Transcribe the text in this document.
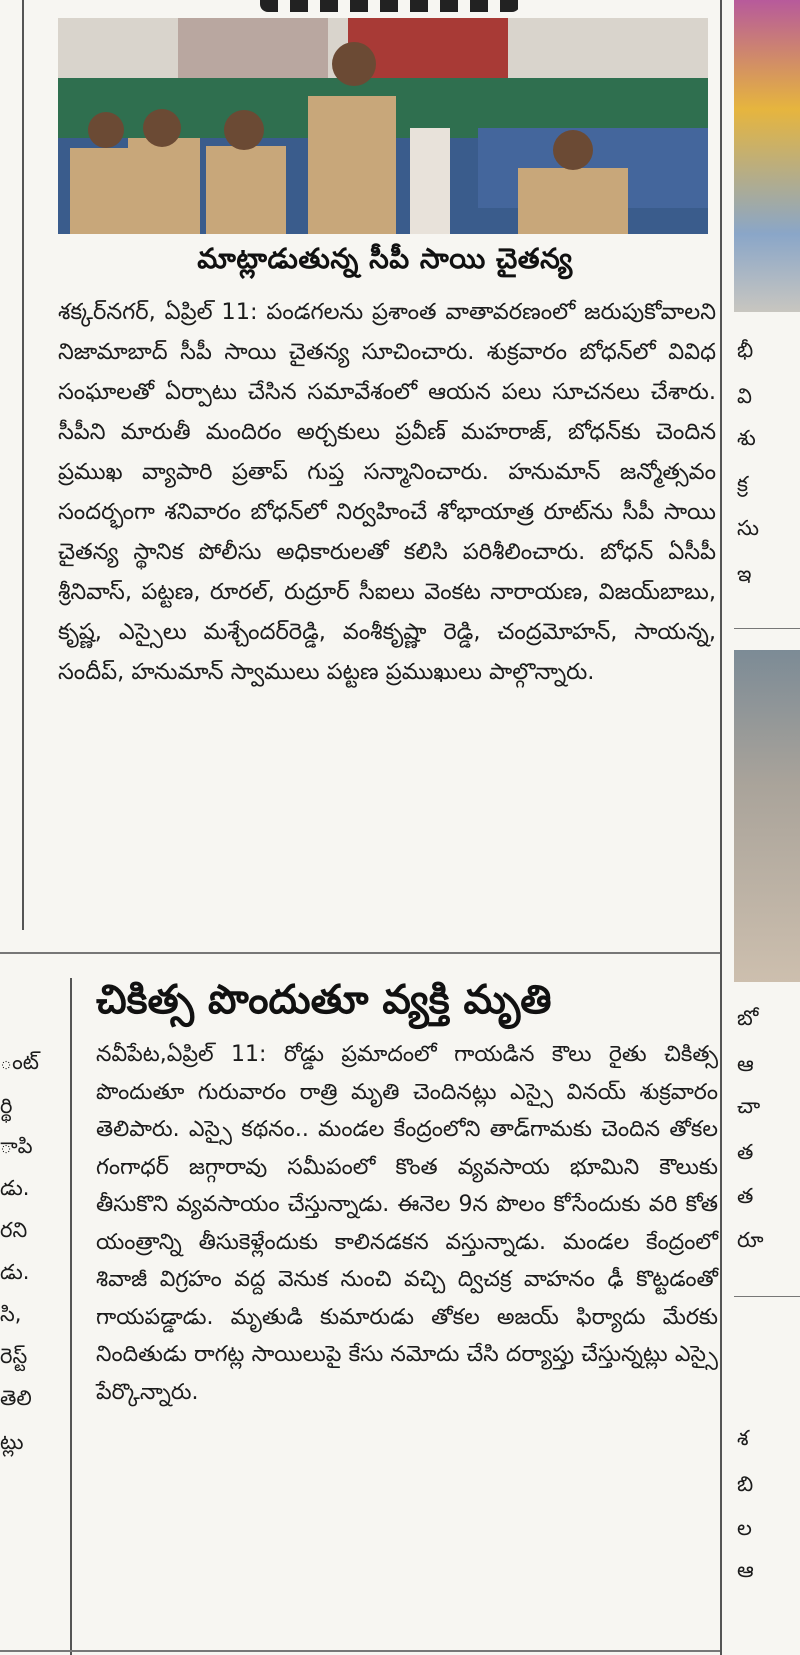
మాట్లాడుతున్న సీపీ సాయి చైతన్య

శక్కర్‌నగర్, ఏప్రిల్ 11: పండగలను ప్రశాంత వాతావరణంలో జరుపుకోవాలని నిజామాబాద్ సీపీ సాయి చైతన్య సూచించారు. శుక్రవారం బోధన్‌లో వివిధ సంఘాలతో ఏర్పాటు చేసిన సమావేశంలో ఆయన పలు సూచనలు చేశారు. సీపీని మారుతీ మందిరం అర్చకులు ప్రవీణ్ మహరాజ్, బోధన్‌కు చెందిన ప్రముఖ వ్యాపారి ప్రతాప్ గుప్త సన్మానించారు. హనుమాన్ జన్మోత్సవం సందర్భంగా శనివారం బోధన్‌లో నిర్వహించే శోభాయాత్ర రూట్‌ను సీపీ సాయి చైతన్య స్థానిక పోలీసు అధికారులతో కలిసి పరిశీలించారు. బోధన్ ఏసీపీ శ్రీనివాస్, పట్టణ, రూరల్, రుద్రూర్ సీఐలు వెంకట నారాయణ, విజయ్‌బాబు, కృష్ణ, ఎస్సైలు మశ్చేందర్‌రెడ్డి, వంశీకృష్ణా రెడ్డి, చంద్రమోహన్, సాయన్న, సందీప్, హనుమాన్ స్వాములు పట్టణ ప్రముఖులు పాల్గొన్నారు.

చికిత్స పొందుతూ వ్యక్తి మృతి

నవీపేట,ఏప్రిల్ 11: రోడ్డు ప్రమాదంలో గాయడిన కౌలు రైతు చికిత్స పొందుతూ గురువారం రాత్రి మృతి చెందినట్లు ఎస్సై వినయ్ శుక్రవారం తెలిపారు. ఎస్సై కథనం.. మండల కేంద్రంలోని తాడ్‌గామకు చెందిన తోకల గంగాధర్ జగ్గారావు సమీపంలో కొంత వ్యవసాయ భూమిని కౌలుకు తీసుకొని వ్యవసాయం చేస్తున్నాడు. ఈనెల 9న పొలం కోసేందుకు వరి కోత యంత్రాన్ని తీసుకెళ్లేందుకు కాలినడకన వస్తున్నాడు. మండల కేంద్రంలో శివాజీ విగ్రహం వద్ద వెనుక నుంచి వచ్చి ద్విచక్ర వాహనం ఢీ కొట్టడంతో గాయపడ్డాడు. మృతుడి కుమారుడు తోకల అజయ్ ఫిర్యాదు మేరకు నిందితుడు రాగట్ల సాయిలుపై కేసు నమోదు చేసి దర్యాప్తు చేస్తున్నట్లు ఎస్సై పేర్కొన్నారు.

భీ
వి
శు
క్ర
సు
ఇ
బో
ఆ
చా
త
త
రూ
శ
బి
ల
ఆ
ంట్
ర్థి
ాపి
డు.
రని
డు.
సి,
రెస్ట్
తెలి
ట్లు
